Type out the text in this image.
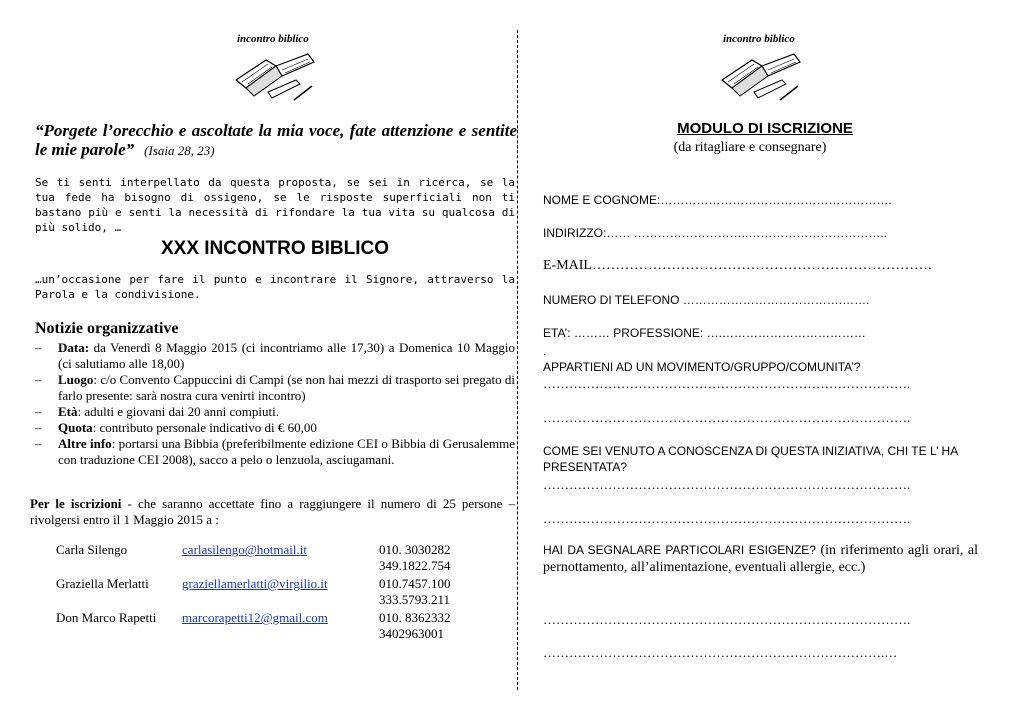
incontro biblico	incontro biblico
“Porgete l’orecchio e ascoltate la mia voce, fate attenzione e sentite le mie parole” (Isaia 28, 23)
Se ti senti interpellato da questa proposta, se sei in ricerca, se la tua fede ha bisogno di ossigeno, se le risposte superficiali non ti bastano più e senti la necessità di rifondare la tua vita su qualcosa di più solido, …
XXX INCONTRO BIBLICO
…un’occasione per fare il punto e incontrare il Signore, attraverso la Parola e la condivisione.
Notizie organizzative
– Data: da Venerdì 8 Maggio 2015 (ci incontriamo alle 17,30) a Domenica 10 Maggio (ci salutiamo alle 18,00)
– Luogo: c/o Convento Cappuccini di Campi (se non hai mezzi di trasporto sei pregato di farlo presente: sarà nostra cura venirti incontro)
– Età: adulti e giovani dai 20 anni compiuti.
– Quota: contributo personale indicativo di € 60,00
– Altre info: portarsi una Bibbia (preferibilmente edizione CEI o Bibbia di Gerusalemme con traduzione CEI 2008), sacco a pelo o lenzuola, asciugamani.
Per le iscrizioni - che saranno accettate fino a raggiungere il numero di 25 persone – rivolgersi entro il 1 Maggio 2015 a :
Carla Silengo	carlasilengo@hotmail.it	010. 3030282
349.1822.754
Graziella Merlatti	graziellamerlatti@virgilio.it	010.7457.100
333.5793.211
Don Marco Rapetti marcorapetti12@gmail.com	010. 8362332
3402963001
MODULO DI ISCRIZIONE
(da ritagliare e consegnare)
NOME E COGNOME:………………………………………………….
INDIRIZZO:…… ………………………..……………………………..
E-MAIL……………………………………………………………….
NUMERO DI TELEFONO ………………………………….…….
ETA’: ……… PROFESSIONE: ….………………………………
.
APPARTIENI AD UN MOVIMENTO/GRUPPO/COMUNITA’?
………………………………………………………………………….
………………………………………………………………………….
COME SEI VENUTO A CONOSCENZA DI QUESTA INIZIATIVA, CHI TE L’ HA PRESENTATA?
………………………………………………………………………….
………………………………………………………………………….
HAI DA SEGNALARE PARTICOLARI ESIGENZE? (in riferimento agli orari, al pernottamento, all’alimentazione, eventuali allergie, ecc.)
………………………………………………………………………….
…………………………………………………………………….…
